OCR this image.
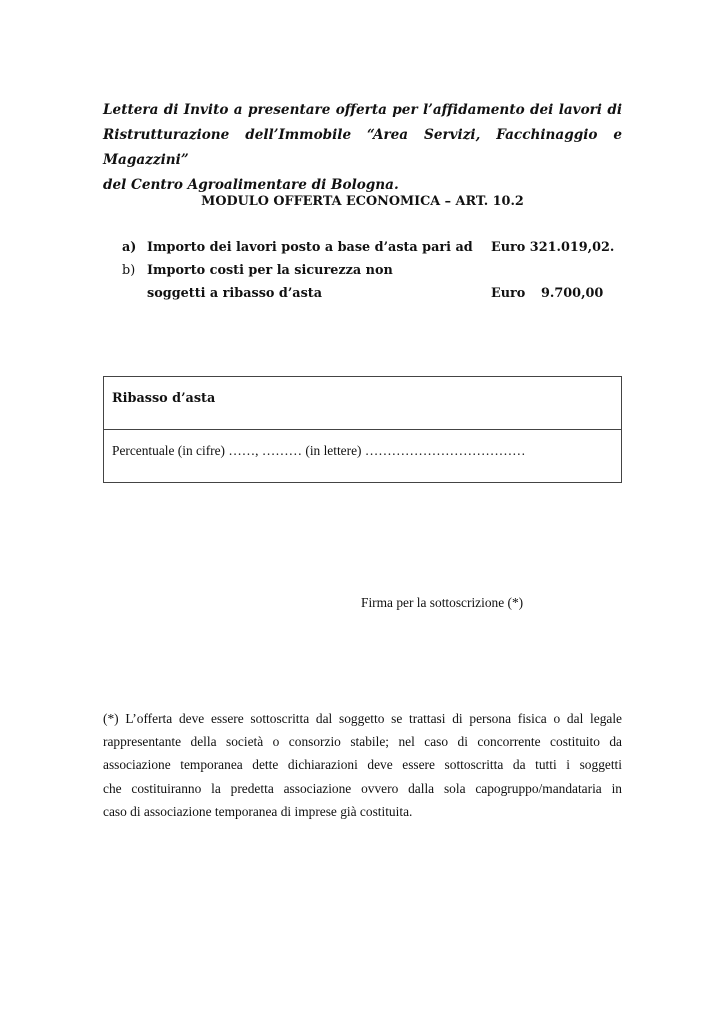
Lettera di Invito a presentare offerta per l’affidamento dei lavori di
Ristrutturazione dell’Immobile “Area Servizi, Facchinaggio e Magazzini”
del Centro Agroalimentare di Bologna.
MODULO OFFERTA ECONOMICA – ART. 10.2
a) Importo dei lavori posto a base d’asta pari ad Euro 321.019,02.
b) Importo costi per la sicurezza non
soggetti a ribasso d’asta	Euro 9.700,00
Ribasso d’asta
Percentuale (in cifre) ……, ……… (in lettere) ………………………………
Firma per la sottoscrizione (*)
(*) L’offerta deve essere sottoscritta dal soggetto se trattasi di persona fisica o dal legale
rappresentante della società o consorzio stabile; nel caso di concorrente costituito da
associazione temporanea dette dichiarazioni deve essere sottoscritta da tutti i soggetti
che costituiranno la predetta associazione ovvero dalla sola capogruppo/mandataria in
caso di associazione temporanea di imprese già costituita.
